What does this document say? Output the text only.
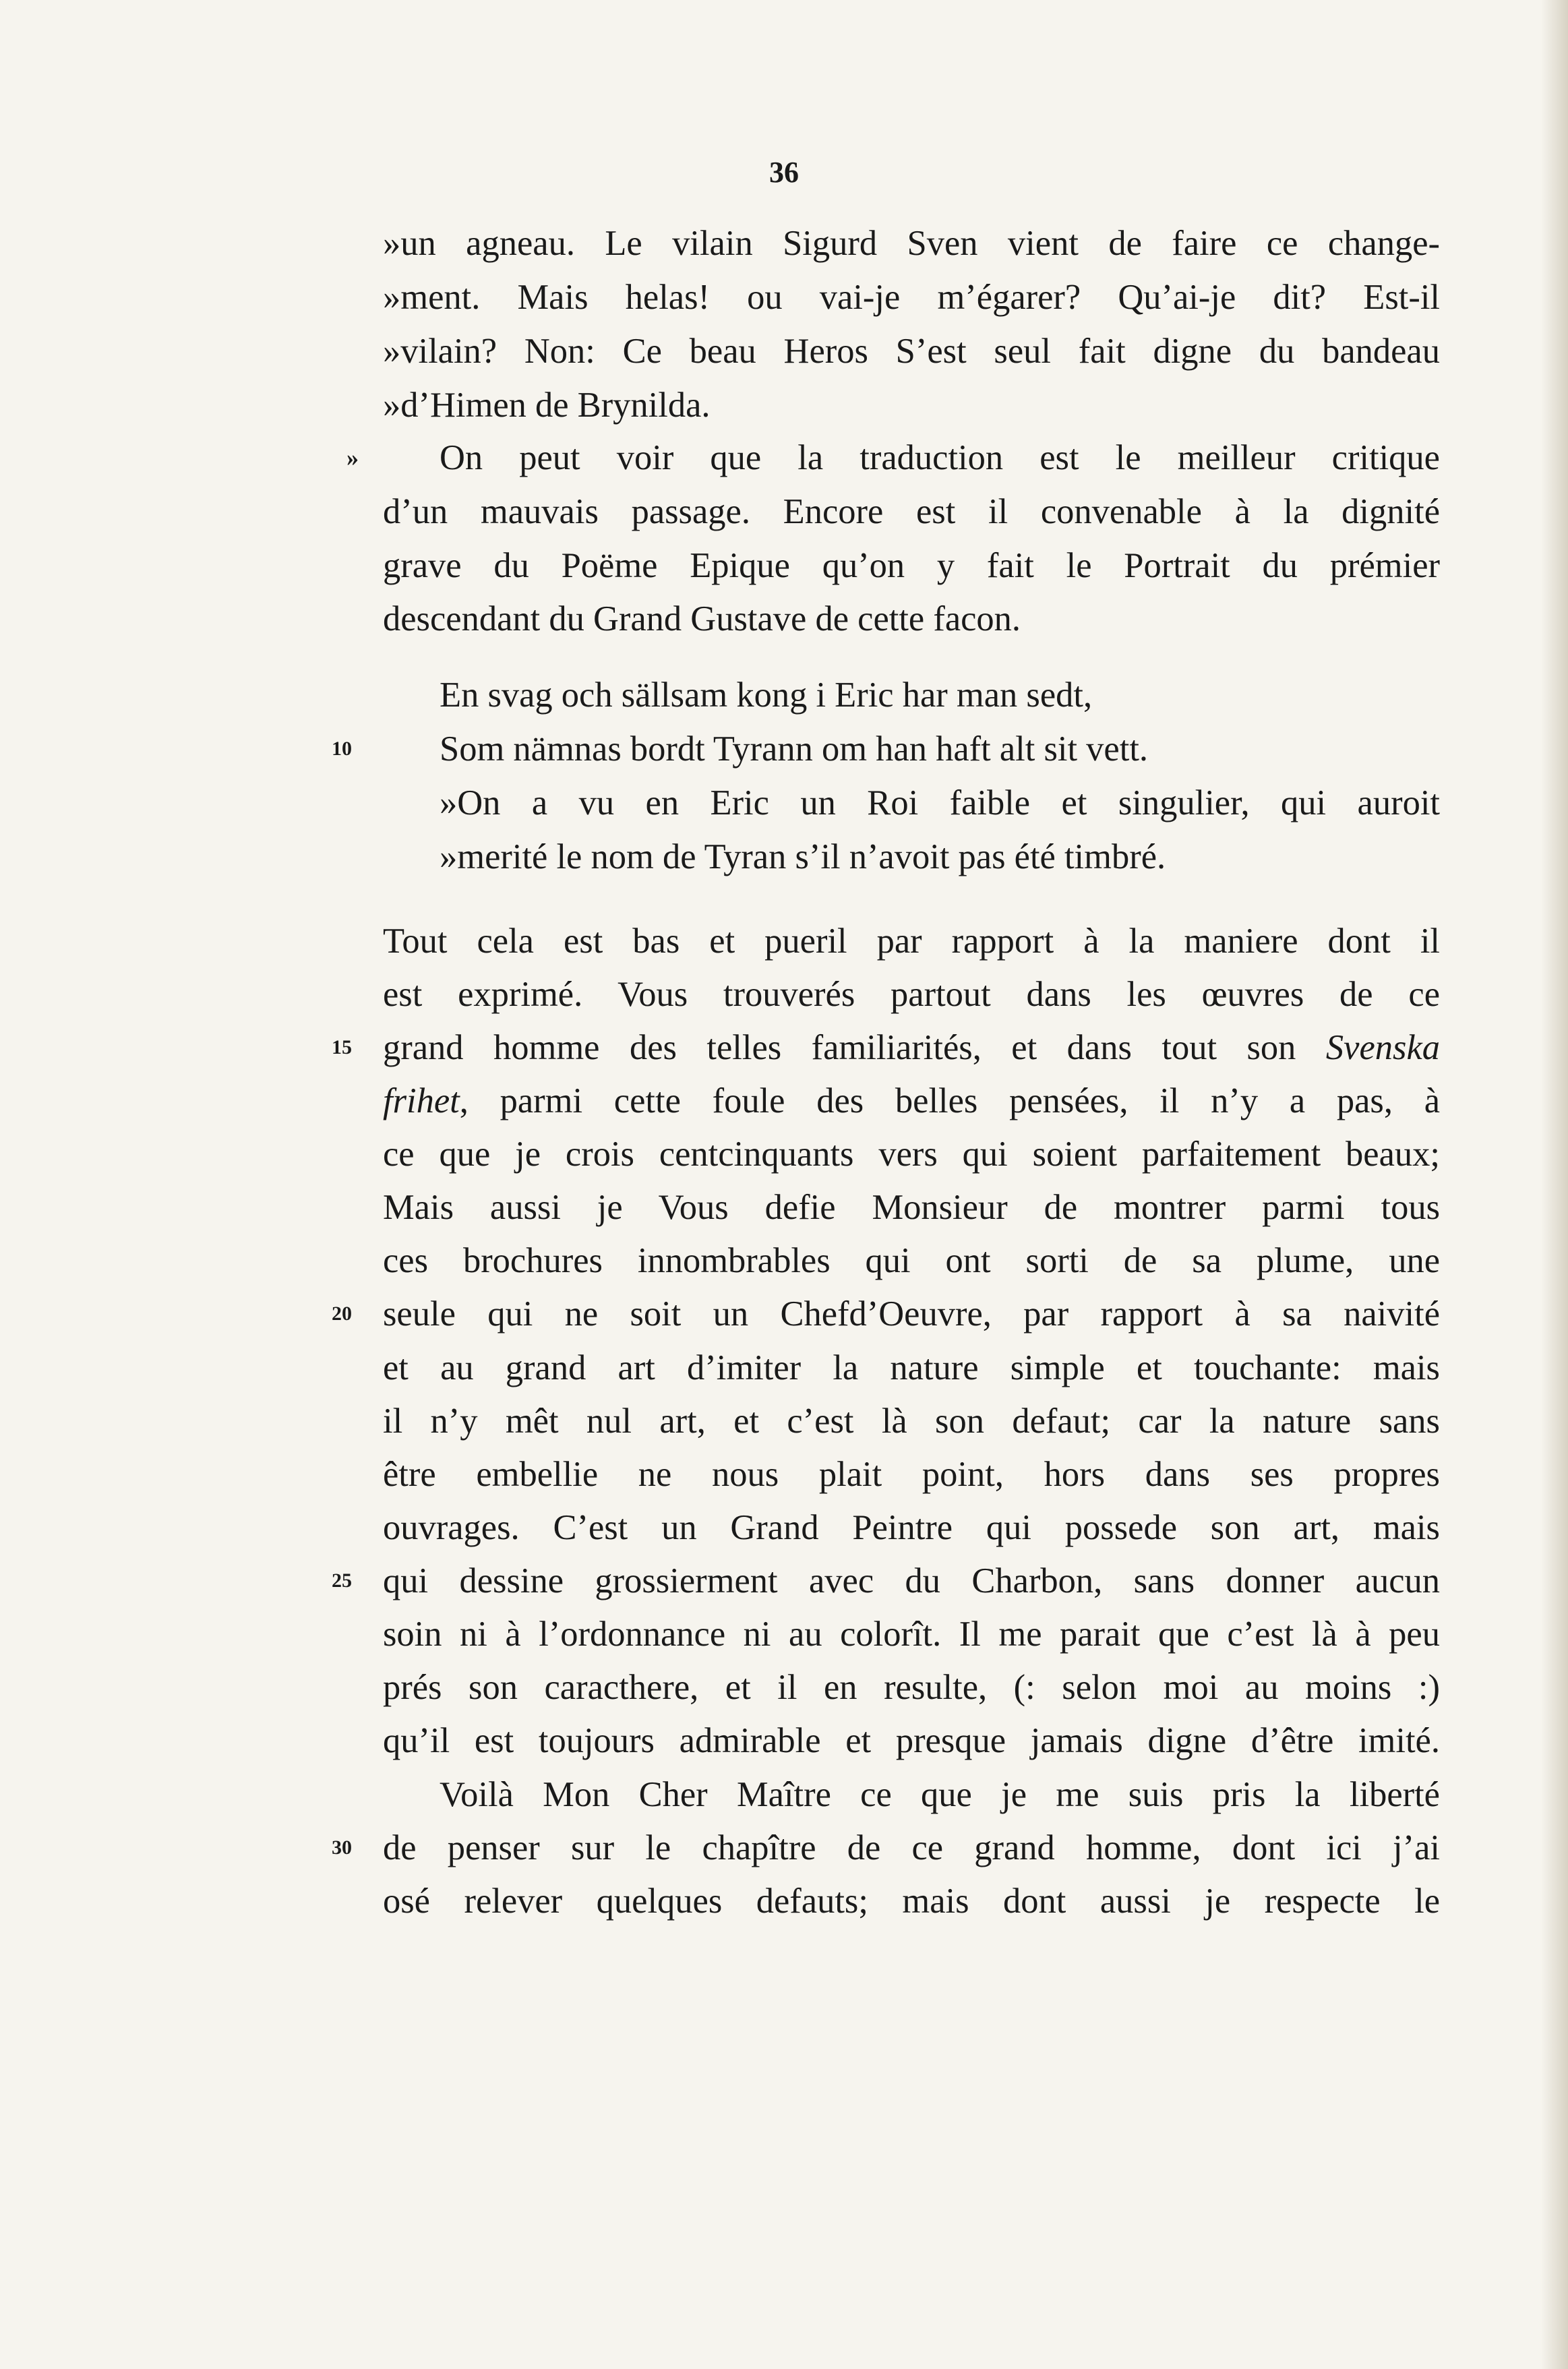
36
»
»un agneau. Le vilain Sigurd Sven vient de faire ce change-
»ment. Mais helas! ou vai-je m’égarer? Qu’ai-je dit? Est-il
»vilain? Non: Ce beau Heros S’est seul fait digne du bandeau
»d’Himen de Brynilda.
On peut voir que la traduction est le meilleur critique
d’un mauvais passage. Encore est il convenable à la dignité
grave du Poëme Epique qu’on y fait le Portrait du prémier
descendant du Grand Gustave de cette facon.
En svag och sällsam kong i Eric har man sedt,
10 Som nämnas bordt Tyrann om han haft alt sit vett.
»On a vu en Eric un Roi faible et singulier, qui auroit
»merité le nom de Tyran s’il n’avoit pas été timbré.
Tout cela est bas et pueril par rapport à la maniere dont il
est exprimé. Vous trouverés partout dans les œuvres de ce
15 grand homme des telles familiarités, et dans tout son Svenska
frihet, parmi cette foule des belles pensées, il n’y a pas, à
ce que je crois centcinquants vers qui soient parfaitement beaux;
Mais aussi je Vous defie Monsieur de montrer parmi tous
ces brochures innombrables qui ont sorti de sa plume, une
20 seule qui ne soit un Chefd’Oeuvre, par rapport à sa naivité
et au grand art d’imiter la nature simple et touchante: mais
il n’y mêt nul art, et c’est là son defaut; car la nature sans
être embellie ne nous plait point, hors dans ses propres
ouvrages. C’est un Grand Peintre qui possede son art, mais
25 qui dessine grossierment avec du Charbon, sans donner aucun
soin ni à l’ordonnance ni au colorît. Il me parait que c’est là à peu
prés son caracthere, et il en resulte, (: selon moi au moins :)
qu’il est toujours admirable et presque jamais digne d’être imité.
Voilà Mon Cher Maître ce que je me suis pris la liberté
30 de penser sur le chapître de ce grand homme, dont ici j’ai
osé relever quelques defauts; mais dont aussi je respecte le
